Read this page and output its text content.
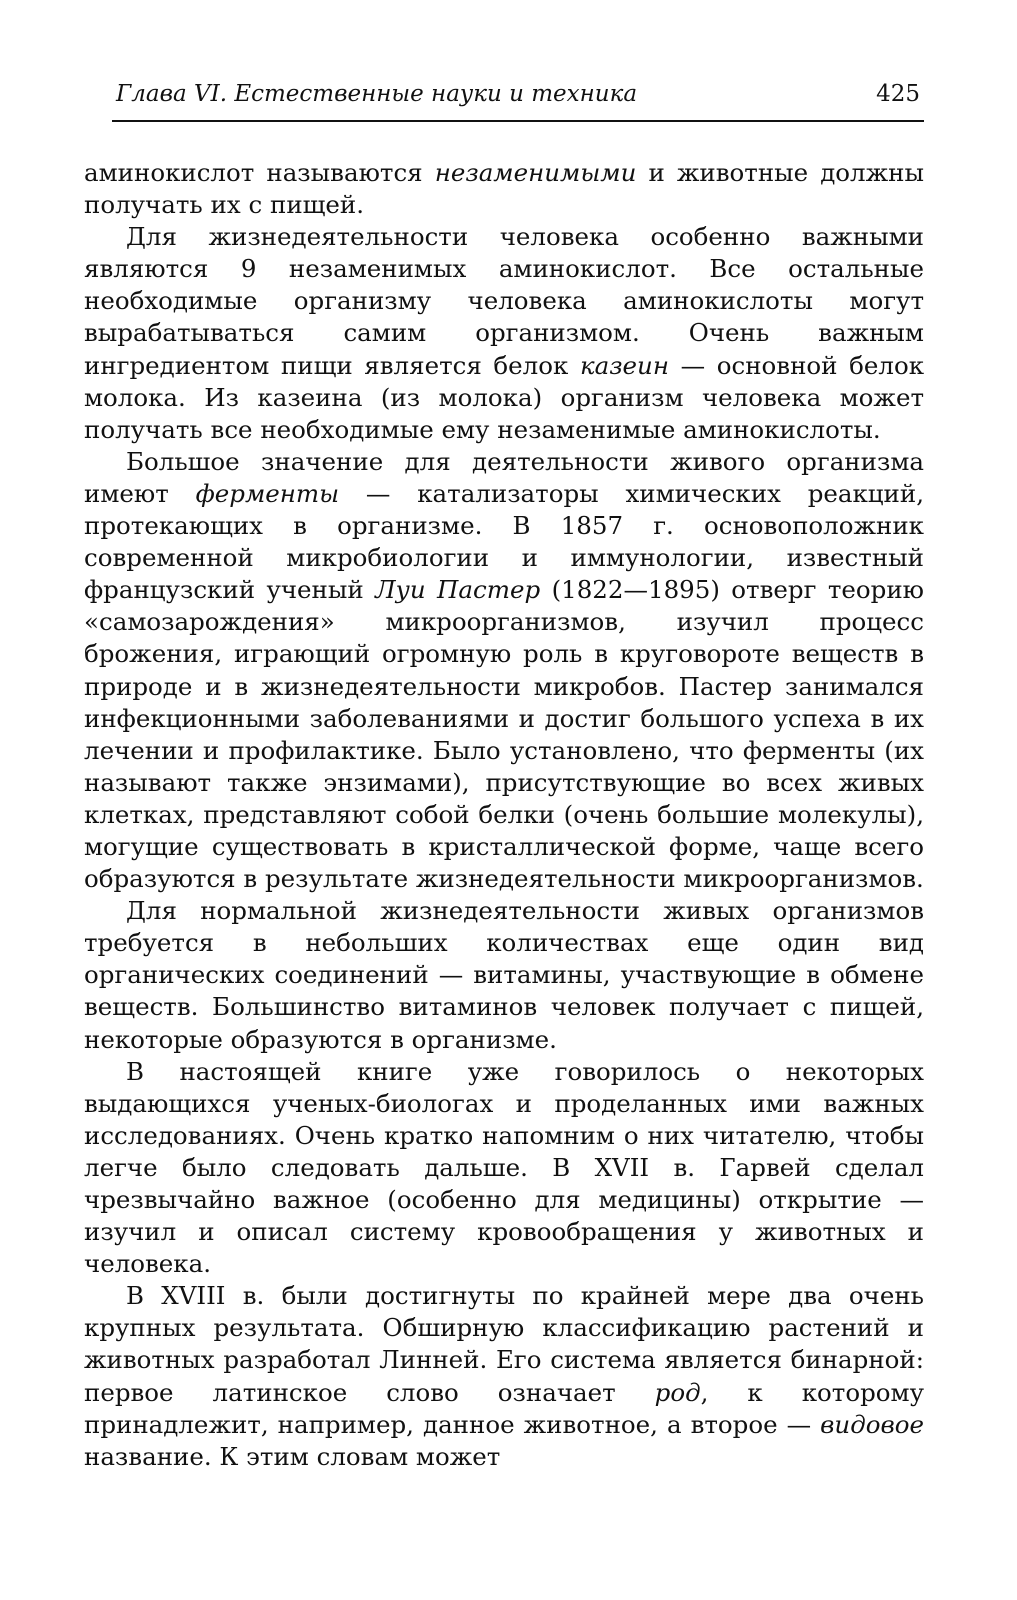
Глава VI. Естественные науки и техника	425

аминокислот называются незаменимыми и животные должны получать их с пищей.

Для жизнедеятельности человека особенно важными являются 9 незаменимых аминокислот. Все остальные необходимые организму человека аминокислоты могут вырабатываться самим организмом. Очень важным ингредиентом пищи является белок казеин — основной белок молока. Из казеина (из молока) организм человека может получать все необходимые ему незаменимые аминокислоты.

Большое значение для деятельности живого организма имеют ферменты — катализаторы химических реакций, протекающих в организме. В 1857 г. основоположник современной микробиологии и иммунологии, известный французский ученый Луи Пастер (1822—1895) отверг теорию «самозарождения» микроорганизмов, изучил процесс брожения, играющий огромную роль в круговороте веществ в природе и в жизнедеятельности микробов. Пастер занимался инфекционными заболеваниями и достиг большого успеха в их лечении и профилактике. Было установлено, что ферменты (их называют также энзимами), присутствующие во всех живых клетках, представляют собой белки (очень большие молекулы), могущие существовать в кристаллической форме, чаще всего образуются в результате жизнедеятельности микроорганизмов.

Для нормальной жизнедеятельности живых организмов требуется в небольших количествах еще один вид органических соединений — витамины, участвующие в обмене веществ. Большинство витаминов человек получает с пищей, некоторые образуются в организме.

В настоящей книге уже говорилось о некоторых выдающихся ученых-биологах и проделанных ими важных исследованиях. Очень кратко напомним о них читателю, чтобы легче было следовать дальше. В XVII в. Гарвей сделал чрезвычайно важное (особенно для медицины) открытие — изучил и описал систему кровообращения у животных и человека.

В XVIII в. были достигнуты по крайней мере два очень крупных результата. Обширную классификацию растений и животных разработал Линней. Его система является бинарной: первое латинское слово означает род, к которому принадлежит, например, данное животное, а второе — видовое название. К этим словам может
